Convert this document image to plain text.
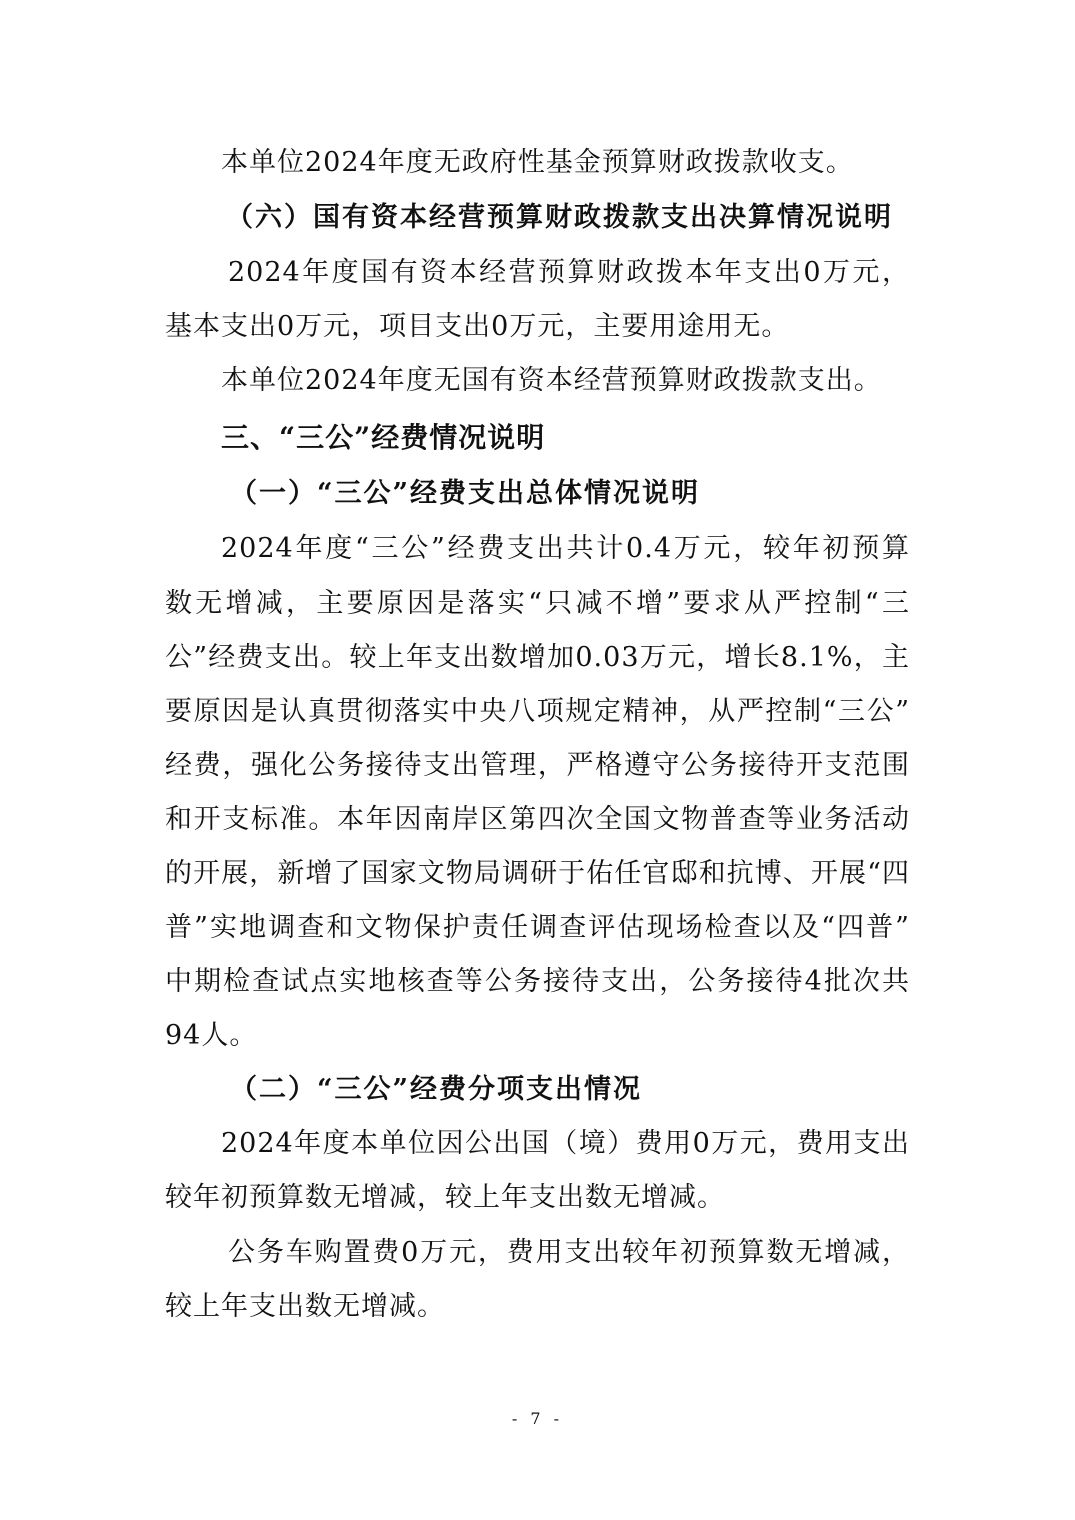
本单位2024年度无政府性基金预算财政拨款收支。
（六）国有资本经营预算财政拨款支出决算情况说明
2024年度国有资本经营预算财政拨本年支出0万元，
基本支出0万元，项目支出0万元，主要用途用无。
本单位2024年度无国有资本经营预算财政拨款支出。
三、“三公”经费情况说明
（一）“三公”经费支出总体情况说明
2024年度“三公”经费支出共计0.4万元，较年初预算
数无增减，主要原因是落实“只减不增”要求从严控制“三
公”经费支出。较上年支出数增加0.03万元，增长8.1%，主
要原因是认真贯彻落实中央八项规定精神，从严控制“三公”
经费，强化公务接待支出管理，严格遵守公务接待开支范围
和开支标准。本年因南岸区第四次全国文物普查等业务活动
的开展，新增了国家文物局调研于佑任官邸和抗博、开展“四
普”实地调查和文物保护责任调查评估现场检查以及“四普”
中期检查试点实地核查等公务接待支出，公务接待4批次共
94人。
（二）“三公”经费分项支出情况
2024年度本单位因公出国（境）费用0万元，费用支出
较年初预算数无增减，较上年支出数无增减。
公务车购置费0万元，费用支出较年初预算数无增减，
较上年支出数无增减。
- 7 -
